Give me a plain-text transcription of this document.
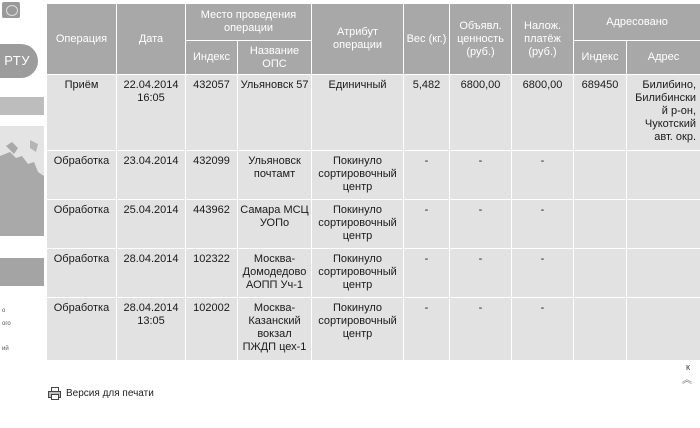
РТУ
о
ого
ий
Операция	Дата	Место проведения операции		Атрибут операции	Вес (кг.)	Объявл. ценность (руб.)	Налож. платёж (руб.)	Адресовано	
		Индекс	Название ОПС					Индекс	Адрес
Приём	22.04.2014 16:05	432057	Ульяновск 57	Единичный	5,482	6800,00	6800,00	689450	Билибино, Билибинский р-он, Чукотский авт. окр.
Обработка	23.04.2014	432099	Ульяновск почтамт	Покинуло сортировочный центр	-	-	-		
Обработка	25.04.2014	443962	Самара МСЦ УОПо	Покинуло сортировочный центр	-	-	-		
Обработка	28.04.2014	102322	Москва-Домодедово АОПП Уч-1	Покинуло сортировочный центр	-	-	-		
Обработка	28.04.2014 13:05	102002	Москва-Казанский вокзал ПЖДП цех-1	Покинуло сортировочный центр	-	-	-		
Версия для печати
к
︽
